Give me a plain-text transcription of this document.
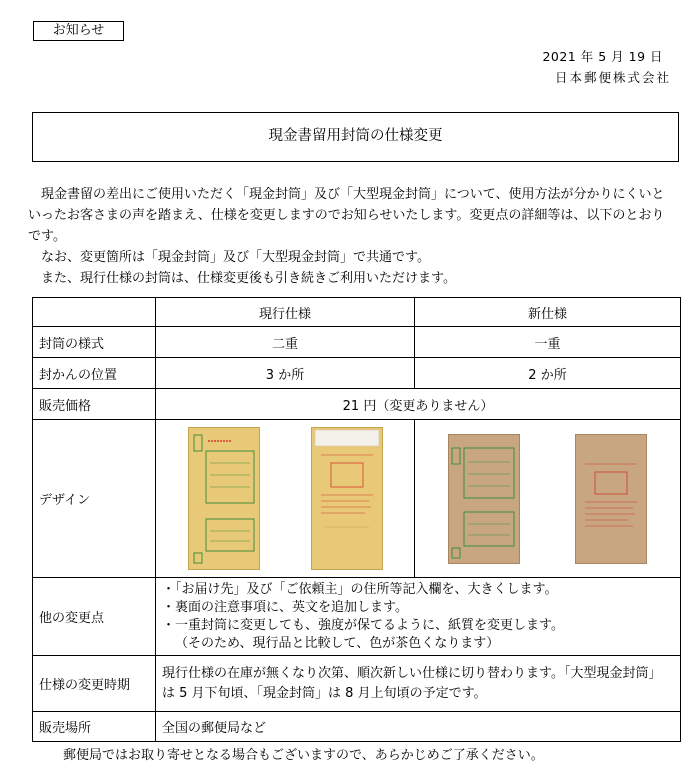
お知らせ
2021 年 5 月 19 日
日本郵便株式会社
現金書留用封筒の仕様変更

現金書留の差出にご使用いただく「現金封筒」及び「大型現金封筒」について、使用方法が分かりにくいといったお客さまの声を踏まえ、仕様を変更しますのでお知らせいたします。変更点の詳細等は、以下のとおりです。

なお、変更箇所は「現金封筒」及び「大型現金封筒」で共通です。

また、現行仕様の封筒は、仕様変更後も引き続きご利用いただけます。

	現行仕様	新仕様
封筒の様式	二重	一重
封かんの位置	3 か所	2 か所
販売価格	21 円（変更ありません）	
デザイン	

他の変更点	・「お届け先」及び「ご依頼主」の住所等記入欄を、大きくします。
・裏面の注意事項に、英文を追加します。
・一重封筒に変更しても、強度が保てるように、紙質を変更します。
（そのため、現行品と比較して、色が茶色くなります）	

仕様の変更時期	現行仕様の在庫が無くなり次第、順次新しい仕様に切り替わります。「大型現金封筒」は 5 月下旬頃、「現金封筒」は 8 月上旬頃の予定です。	
販売場所	全国の郵便局など	
郵便局ではお取り寄せとなる場合もございますので、あらかじめご了承ください。
